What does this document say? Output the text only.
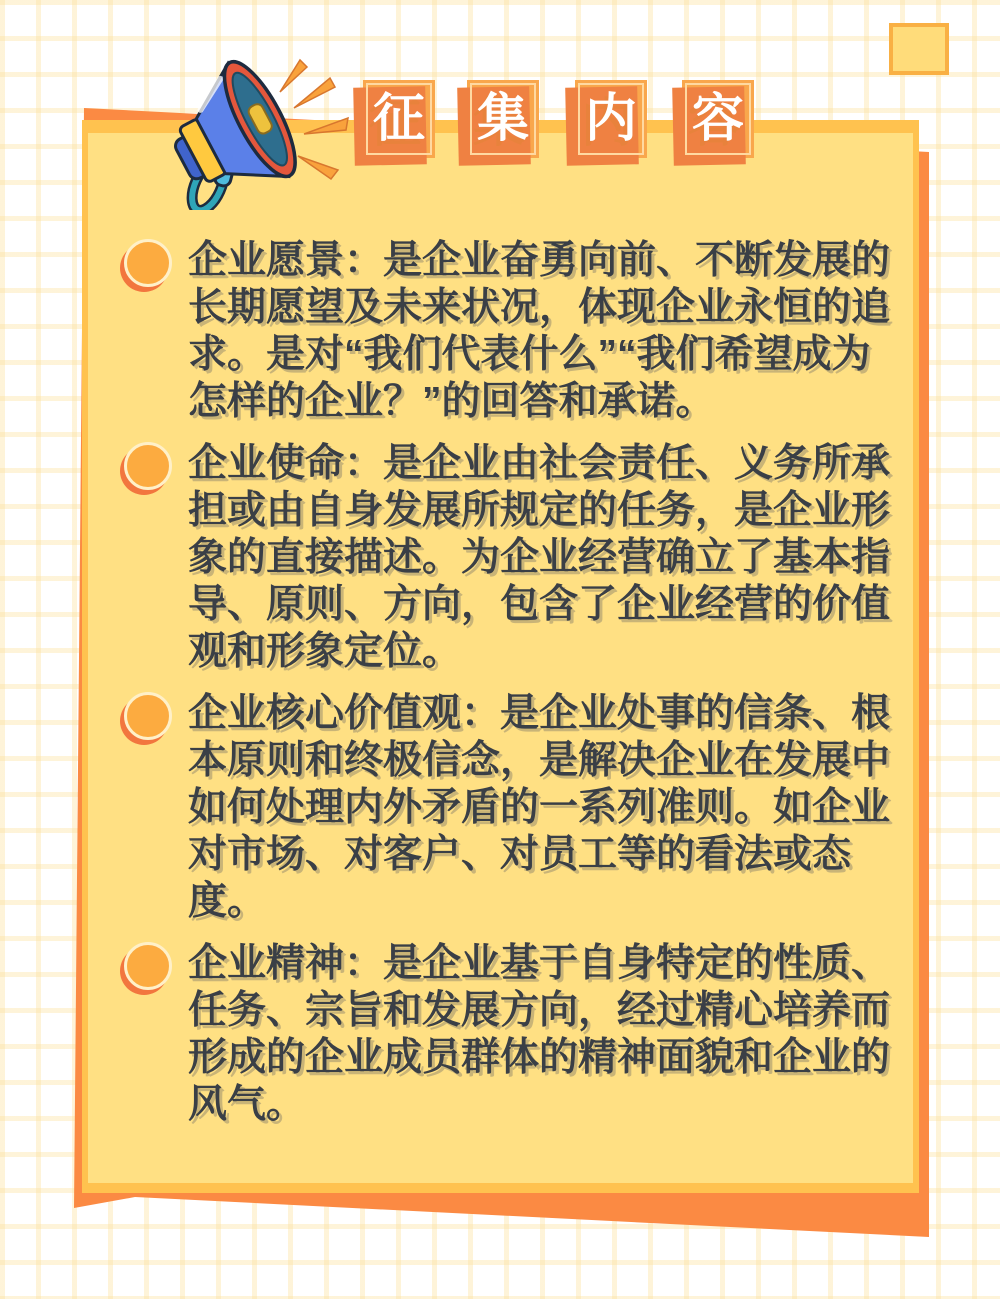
企业愿景：是企业奋勇向前、不断发展的长期愿望及未来状况，体现企业永恒的追求。是对“我们代表什么”“我们希望成为怎样的企业？”的回答和承诺。
企业使命：是企业由社会责任、义务所承担或由自身发展所规定的任务，是企业形象的直接描述。为企业经营确立了基本指导、原则、方向，包含了企业经营的价值观和形象定位。
企业核心价值观：是企业处事的信条、根本原则和终极信念，是解决企业在发展中如何处理内外矛盾的一系列准则。如企业对市场、对客户、对员工等的看法或态度。
企业精神：是企业基于自身特定的性质、任务、宗旨和发展方向，经过精心培养而形成的企业成员群体的精神面貌和企业的风气。
征 集 内 容
